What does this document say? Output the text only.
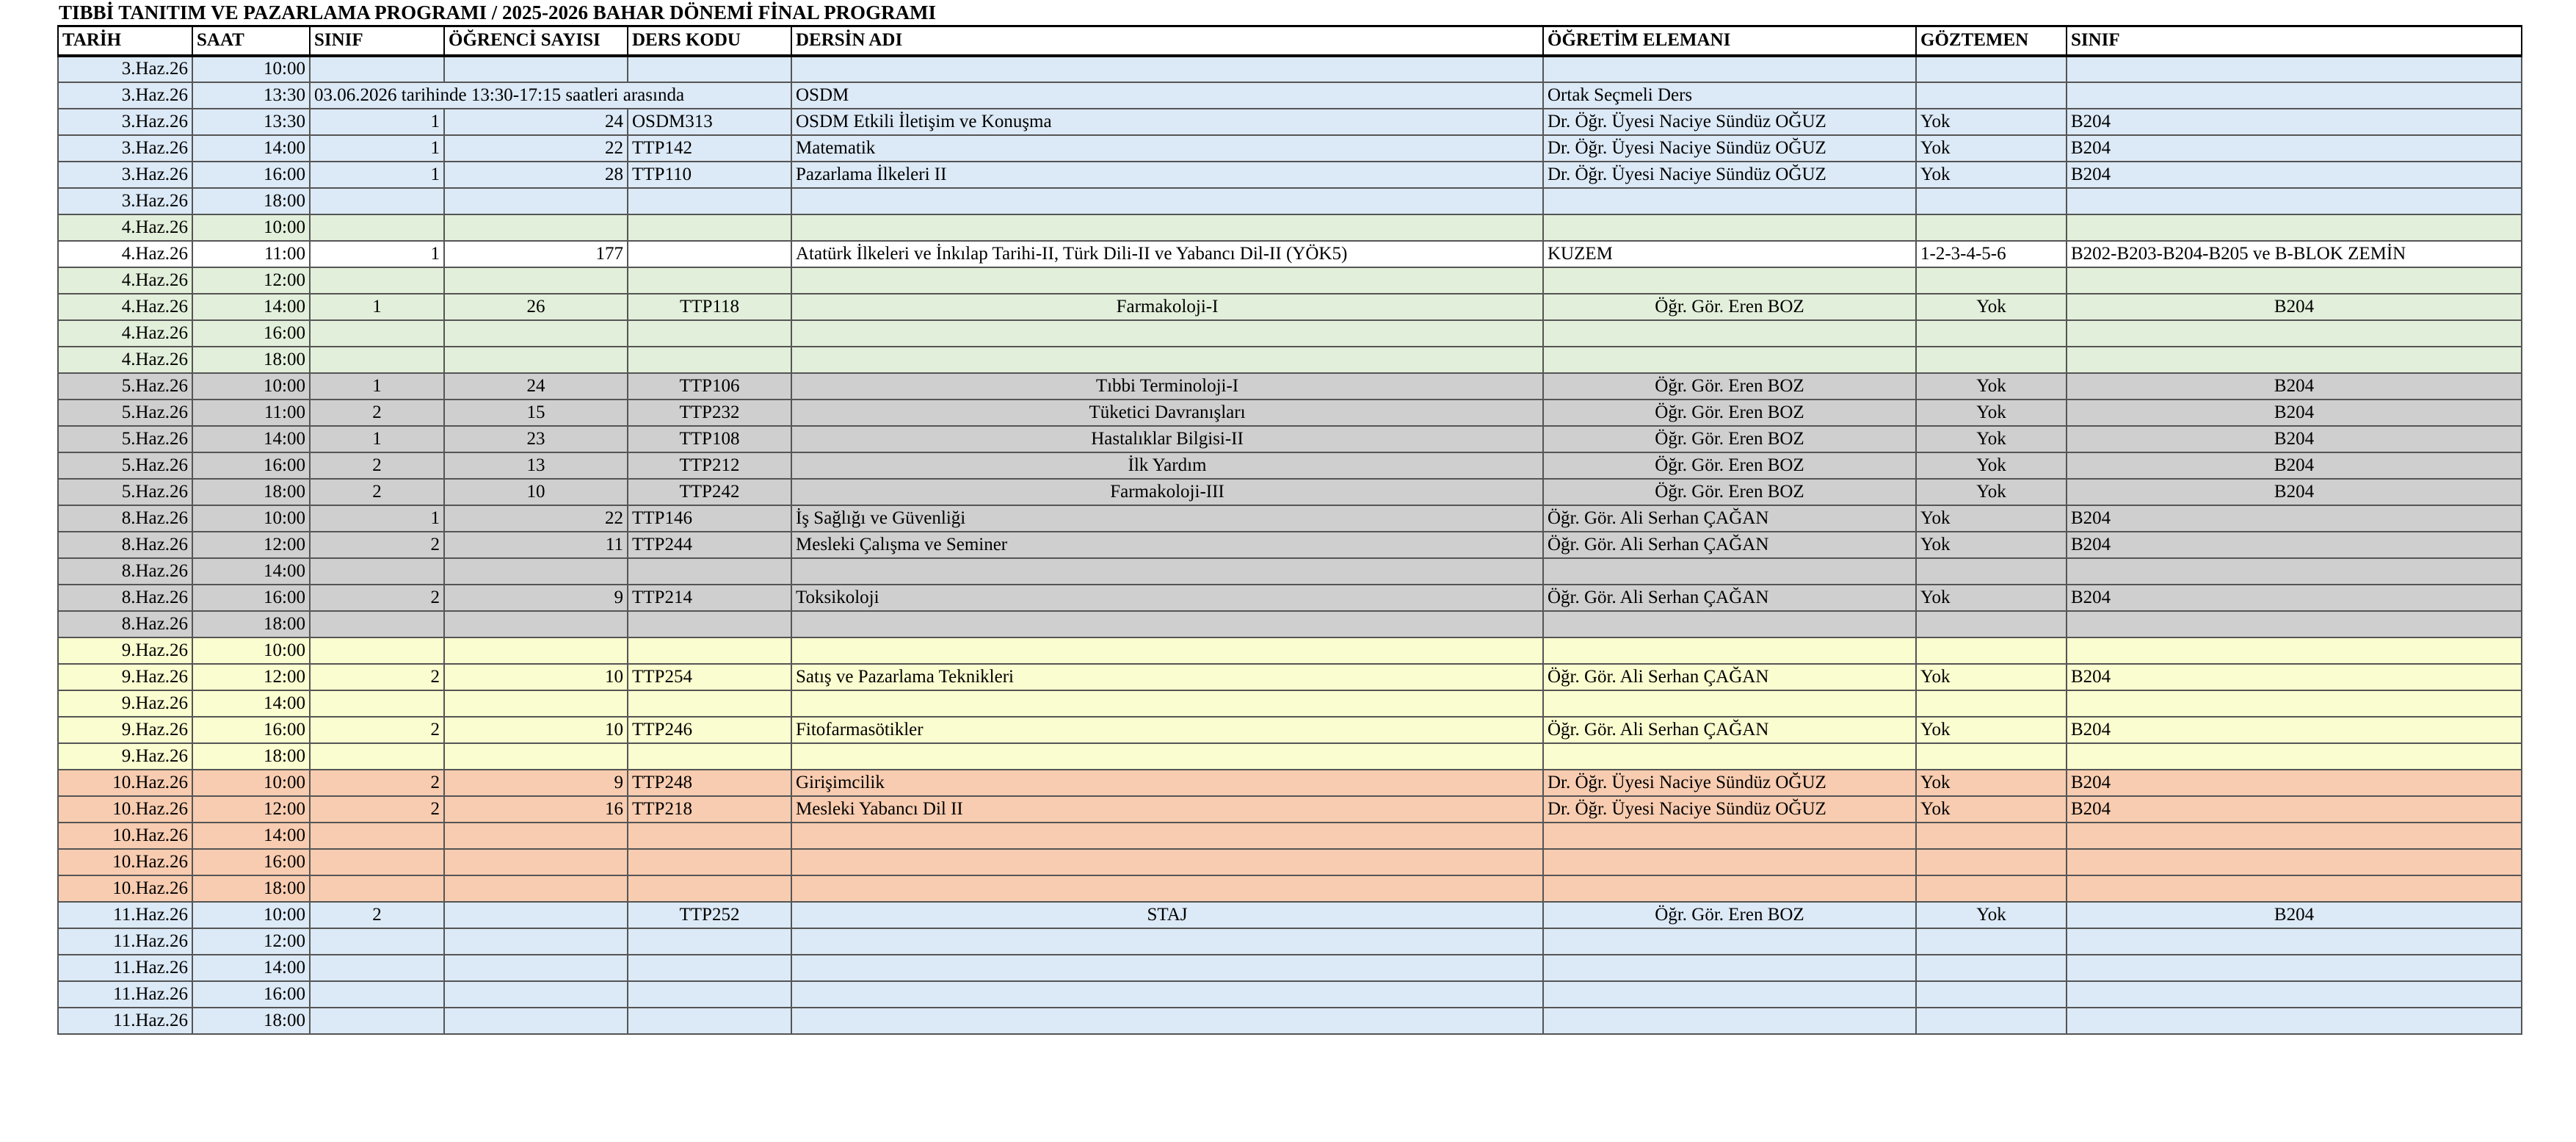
TIBBİ TANITIM VE PAZARLAMA PROGRAMI / 2025-2026 BAHAR DÖNEMİ FİNAL PROGRAMI
TARİH	SAAT	SINIF	ÖĞRENCİ SAYISI	DERS KODU	DERSİN ADI	ÖĞRETİM ELEMANI	GÖZTEMEN	SINIF
3.Haz.26	10:00							
3.Haz.26	13:30	03.06.2026 tarihinde 13:30-17:15 saatleri arasında			OSDM	Ortak Seçmeli Ders		
3.Haz.26	13:30	1	24	OSDM313	OSDM Etkili İletişim ve Konuşma	Dr. Öğr. Üyesi Naciye Sündüz OĞUZ	Yok	B204
3.Haz.26	14:00	1	22	TTP142	Matematik	Dr. Öğr. Üyesi Naciye Sündüz OĞUZ	Yok	B204
3.Haz.26	16:00	1	28	TTP110	Pazarlama İlkeleri II	Dr. Öğr. Üyesi Naciye Sündüz OĞUZ	Yok	B204
3.Haz.26	18:00							
4.Haz.26	10:00							
4.Haz.26	11:00	1	177		Atatürk İlkeleri ve İnkılap Tarihi-II, Türk Dili-II ve Yabancı Dil-II (YÖK5)	KUZEM	1-2-3-4-5-6	B202-B203-B204-B205 ve B-BLOK ZEMİN
4.Haz.26	12:00							
4.Haz.26	14:00	1	26	TTP118	Farmakoloji-I	Öğr. Gör. Eren BOZ	Yok	B204
4.Haz.26	16:00							
4.Haz.26	18:00							
5.Haz.26	10:00	1	24	TTP106	Tıbbi Terminoloji-I	Öğr. Gör. Eren BOZ	Yok	B204
5.Haz.26	11:00	2	15	TTP232	Tüketici Davranışları	Öğr. Gör. Eren BOZ	Yok	B204
5.Haz.26	14:00	1	23	TTP108	Hastalıklar Bilgisi-II	Öğr. Gör. Eren BOZ	Yok	B204
5.Haz.26	16:00	2	13	TTP212	İlk Yardım	Öğr. Gör. Eren BOZ	Yok	B204
5.Haz.26	18:00	2	10	TTP242	Farmakoloji-III	Öğr. Gör. Eren BOZ	Yok	B204
8.Haz.26	10:00	1	22	TTP146	İş Sağlığı ve Güvenliği	Öğr. Gör. Ali Serhan ÇAĞAN	Yok	B204
8.Haz.26	12:00	2	11	TTP244	Mesleki Çalışma ve Seminer	Öğr. Gör. Ali Serhan ÇAĞAN	Yok	B204
8.Haz.26	14:00							
8.Haz.26	16:00	2	9	TTP214	Toksikoloji	Öğr. Gör. Ali Serhan ÇAĞAN	Yok	B204
8.Haz.26	18:00							
9.Haz.26	10:00							
9.Haz.26	12:00	2	10	TTP254	Satış ve Pazarlama Teknikleri	Öğr. Gör. Ali Serhan ÇAĞAN	Yok	B204
9.Haz.26	14:00							
9.Haz.26	16:00	2	10	TTP246	Fitofarmasötikler	Öğr. Gör. Ali Serhan ÇAĞAN	Yok	B204
9.Haz.26	18:00							
10.Haz.26	10:00	2	9	TTP248	Girişimcilik	Dr. Öğr. Üyesi Naciye Sündüz OĞUZ	Yok	B204
10.Haz.26	12:00	2	16	TTP218	Mesleki Yabancı Dil II	Dr. Öğr. Üyesi Naciye Sündüz OĞUZ	Yok	B204
10.Haz.26	14:00							
10.Haz.26	16:00							
10.Haz.26	18:00							
11.Haz.26	10:00	2		TTP252	STAJ	Öğr. Gör. Eren BOZ	Yok	B204
11.Haz.26	12:00							
11.Haz.26	14:00							
11.Haz.26	16:00							
11.Haz.26	18:00							
